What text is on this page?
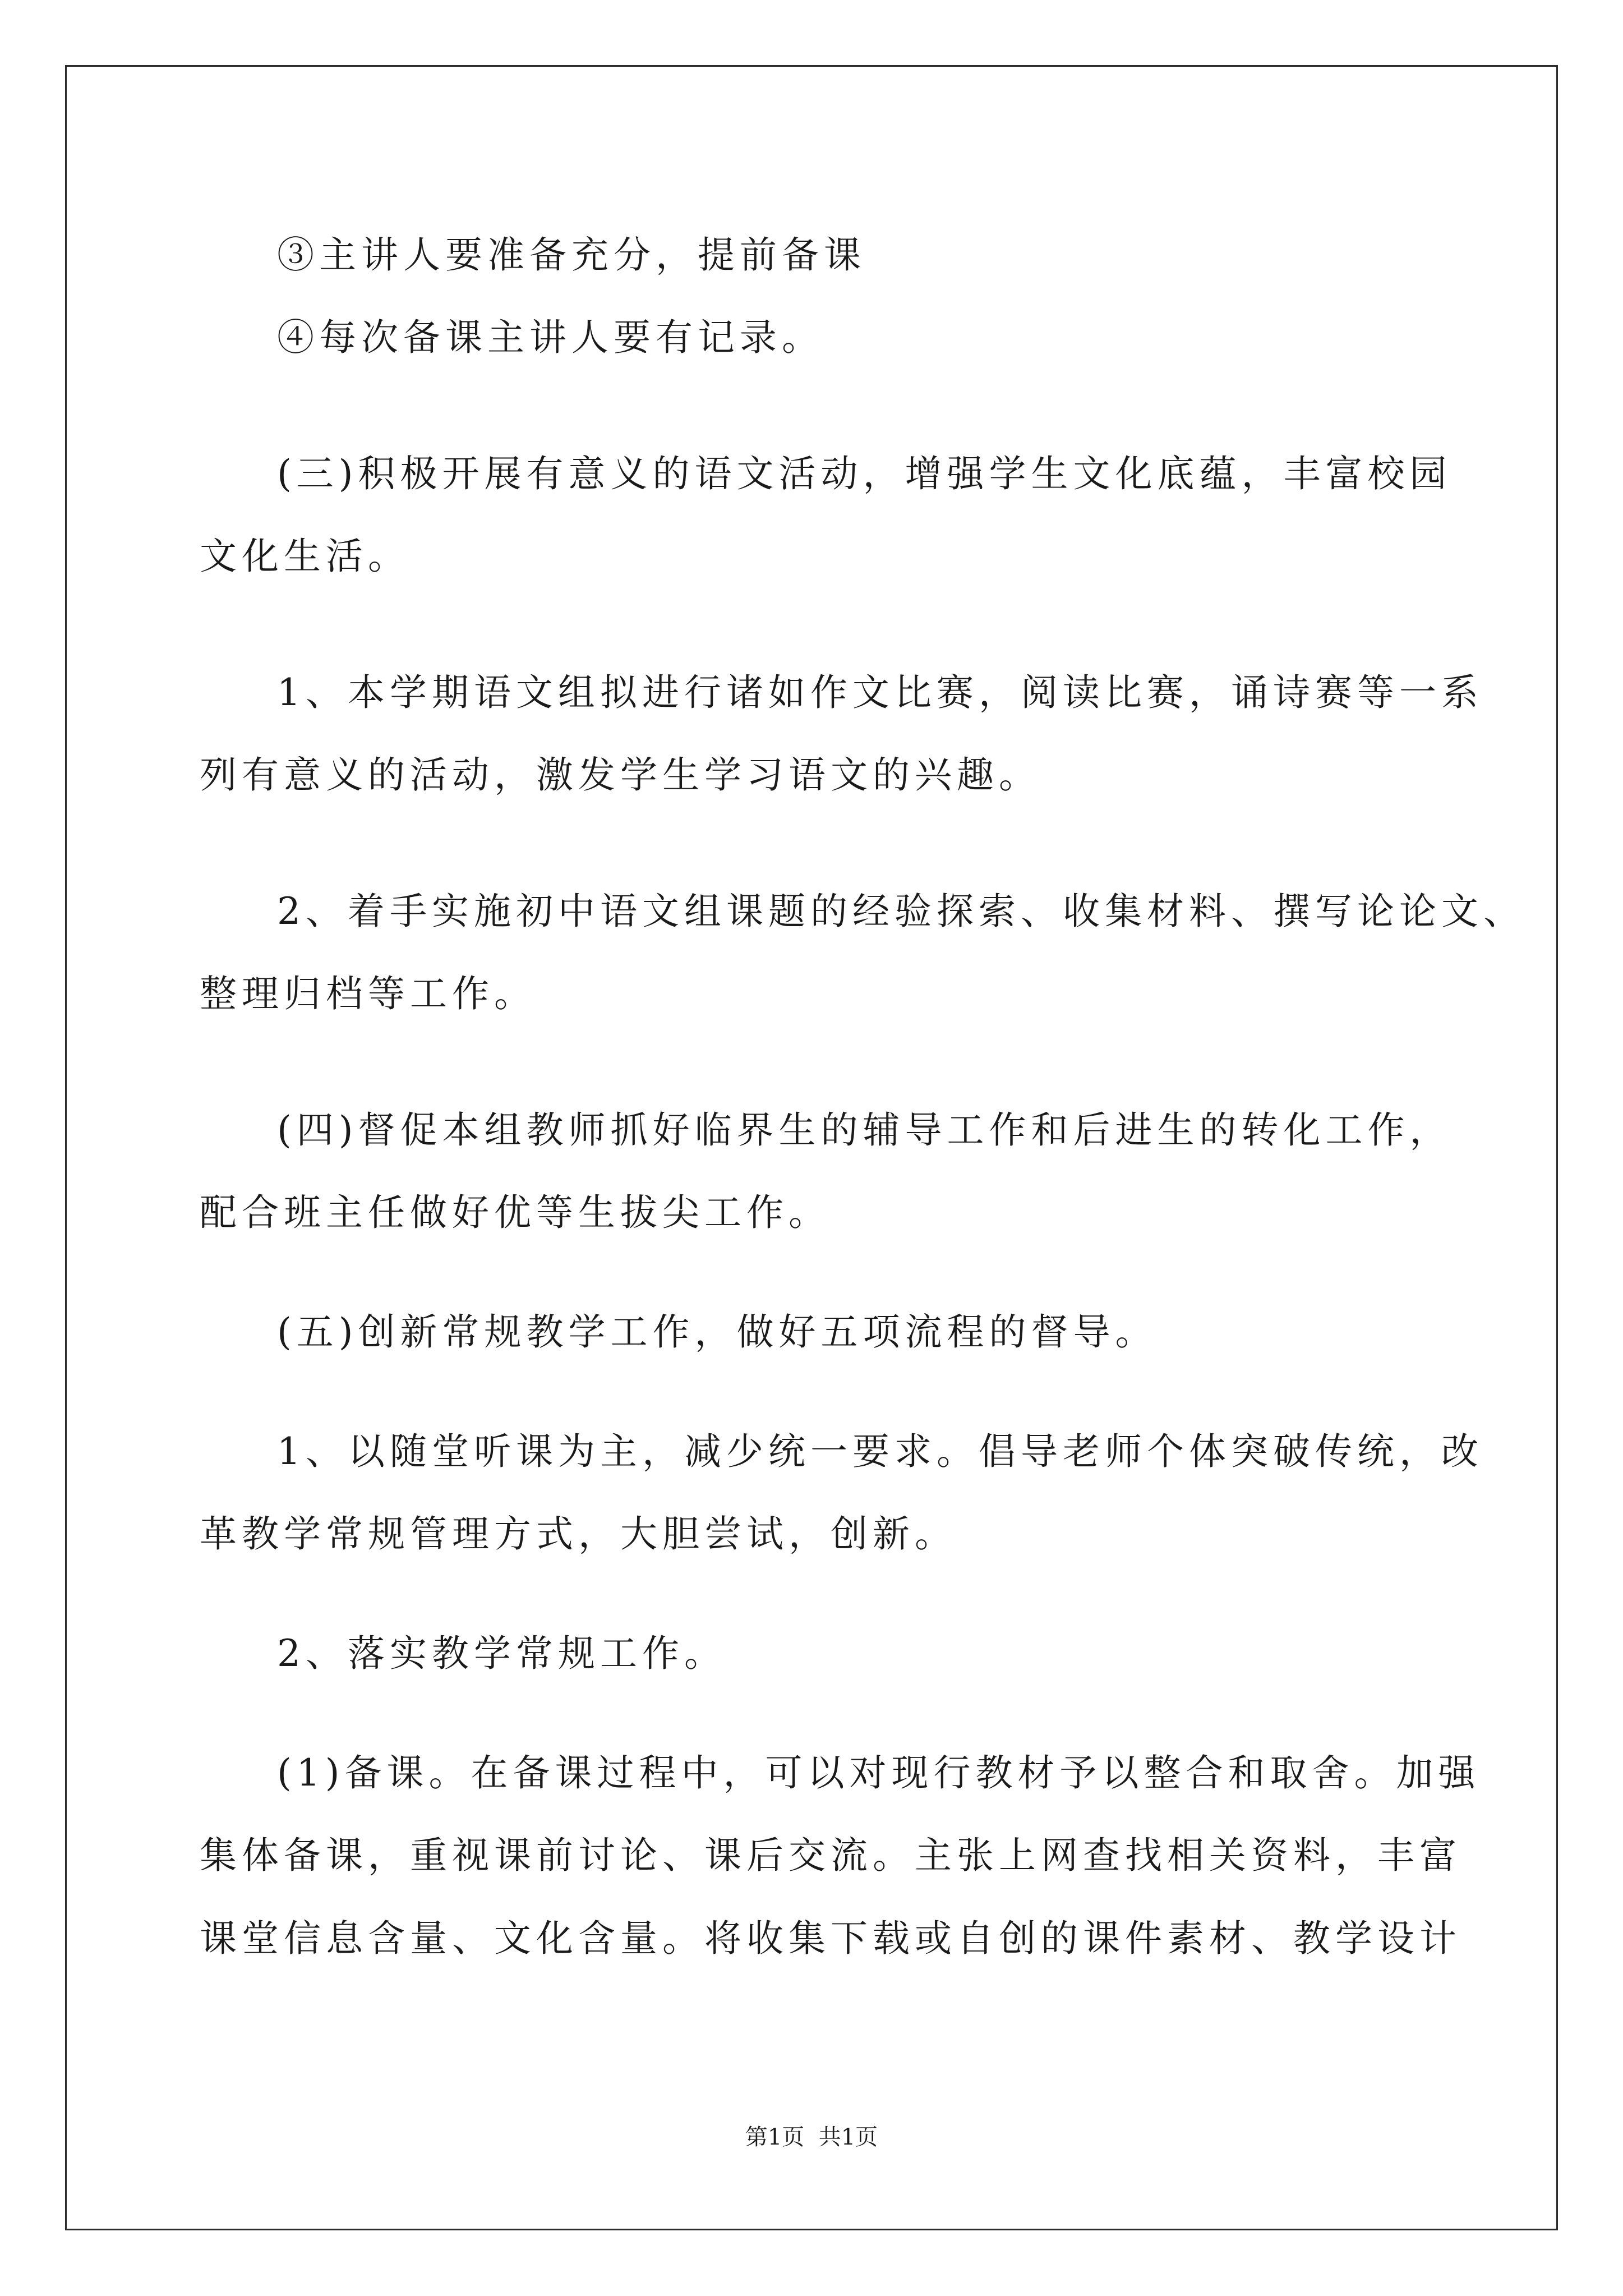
③主讲人要准备充分，提前备课
④每次备课主讲人要有记录。
(三)积极开展有意义的语文活动，增强学生文化底蕴，丰富校园
文化生活。
1、本学期语文组拟进行诸如作文比赛，阅读比赛，诵诗赛等一系
列有意义的活动，激发学生学习语文的兴趣。
2、着手实施初中语文组课题的经验探索、收集材料、撰写论论文、
整理归档等工作。
(四)督促本组教师抓好临界生的辅导工作和后进生的转化工作，
配合班主任做好优等生拔尖工作。
(五)创新常规教学工作，做好五项流程的督导。
1、以随堂听课为主，减少统一要求。倡导老师个体突破传统，改
革教学常规管理方式，大胆尝试，创新。
2、落实教学常规工作。
(1)备课。在备课过程中，可以对现行教材予以整合和取舍。加强
集体备课，重视课前讨论、课后交流。主张上网查找相关资料，丰富
课堂信息含量、文化含量。将收集下载或自创的课件素材、教学设计
第1页  共1页
